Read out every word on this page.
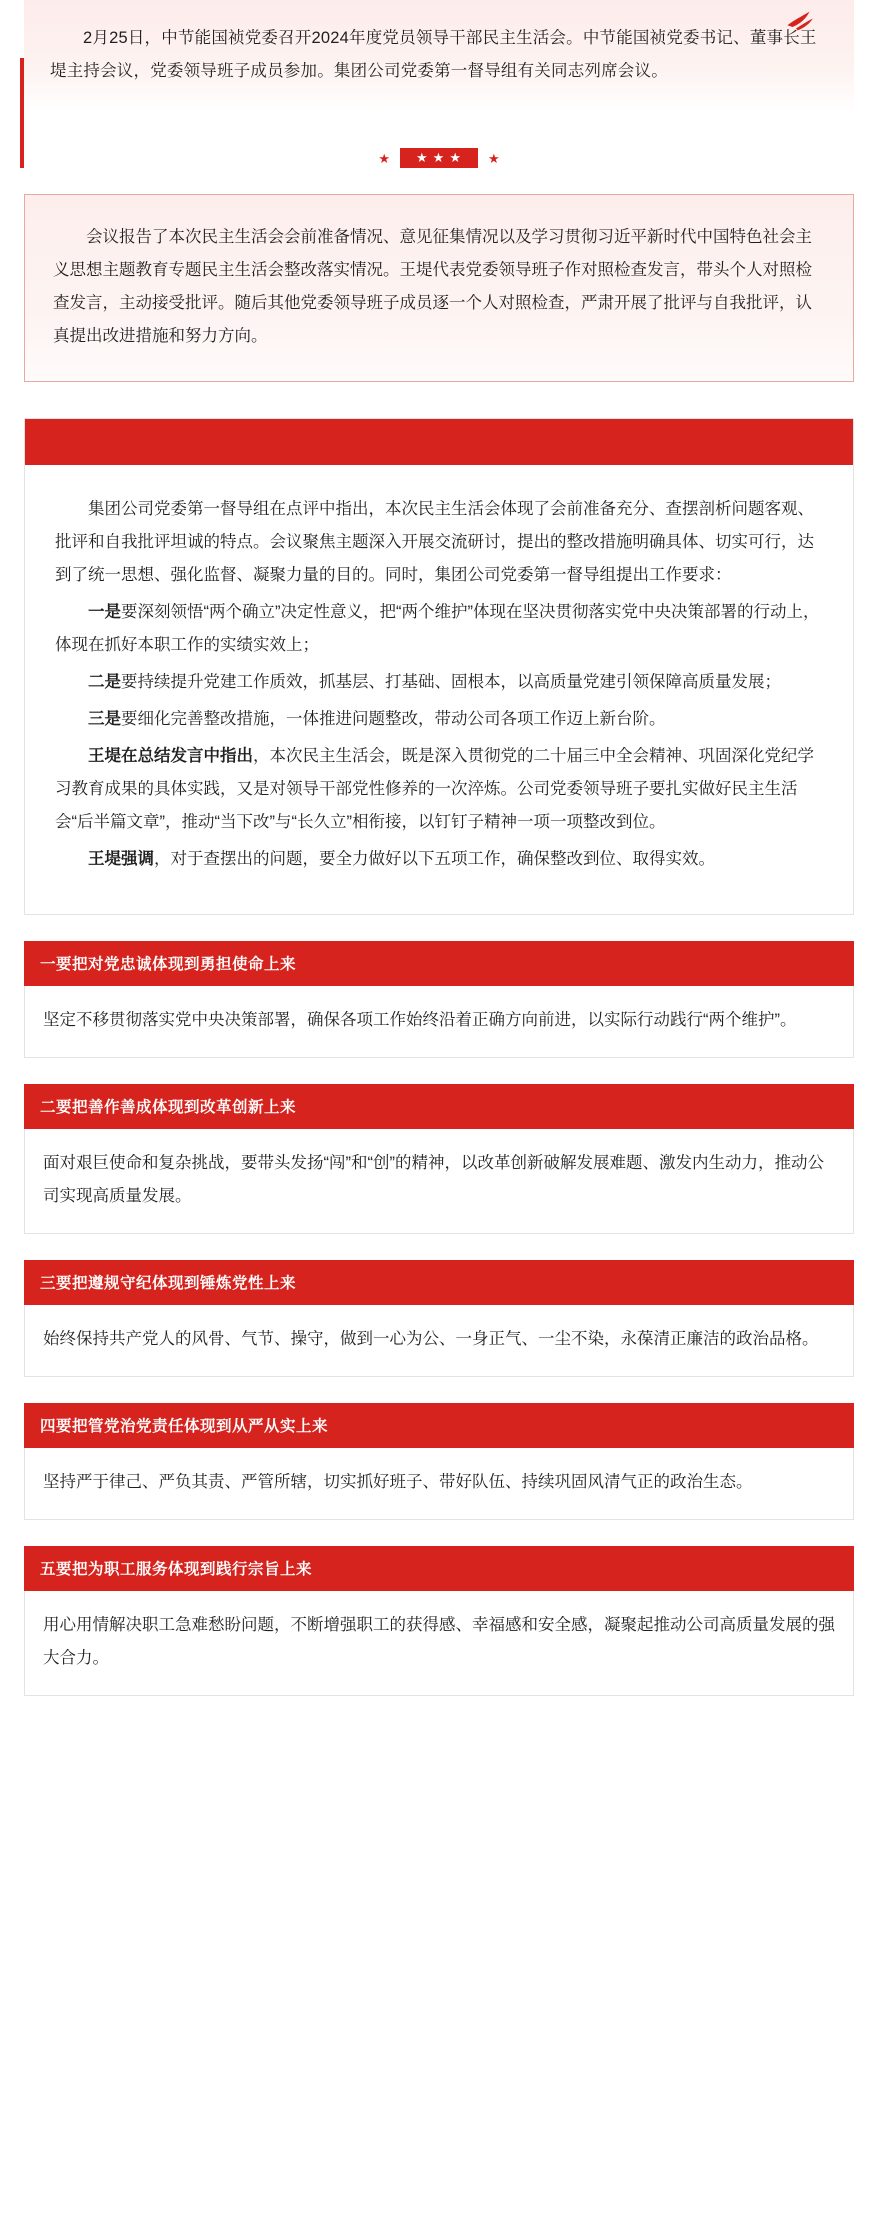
2月25日，中节能国祯党委召开2024年度党员领导干部民主生活会。中节能国祯党委书记、董事长王堤主持会议，党委领导班子成员参加。集团公司党委第一督导组有关同志列席会议。
★	★★★	★

会议报告了本次民主生活会会前准备情况、意见征集情况以及学习贯彻习近平新时代中国特色社会主义思想主题教育专题民主生活会整改落实情况。王堤代表党委领导班子作对照检查发言，带头个人对照检查发言，主动接受批评。随后其他党委领导班子成员逐一个人对照检查，严肃开展了批评与自我批评，认真提出改进措施和努力方向。

集团公司党委第一督导组在点评中指出，本次民主生活会体现了会前准备充分、查摆剖析问题客观、批评和自我批评坦诚的特点。会议聚焦主题深入开展交流研讨，提出的整改措施明确具体、切实可行，达到了统一思想、强化监督、凝聚力量的目的。同时，集团公司党委第一督导组提出工作要求：

一是要深刻领悟“两个确立”决定性意义，把“两个维护”体现在坚决贯彻落实党中央决策部署的行动上，体现在抓好本职工作的实绩实效上；

二是要持续提升党建工作质效，抓基层、打基础、固根本，以高质量党建引领保障高质量发展；

三是要细化完善整改措施，一体推进问题整改，带动公司各项工作迈上新台阶。

王堤在总结发言中指出，本次民主生活会，既是深入贯彻党的二十届三中全会精神、巩固深化党纪学习教育成果的具体实践，又是对领导干部党性修养的一次淬炼。公司党委领导班子要扎实做好民主生活会“后半篇文章”，推动“当下改”与“长久立”相衔接，以钉钉子精神一项一项整改到位。

王堤强调，对于查摆出的问题，要全力做好以下五项工作，确保整改到位、取得实效。

一要把对党忠诚体现到勇担使命上来
坚定不移贯彻落实党中央决策部署，确保各项工作始终沿着正确方向前进，以实际行动践行“两个维护”。
二要把善作善成体现到改革创新上来
面对艰巨使命和复杂挑战，要带头发扬“闯”和“创”的精神，以改革创新破解发展难题、激发内生动力，推动公司实现高质量发展。
三要把遵规守纪体现到锤炼党性上来
始终保持共产党人的风骨、气节、操守，做到一心为公、一身正气、一尘不染，永葆清正廉洁的政治品格。
四要把管党治党责任体现到从严从实上来
坚持严于律己、严负其责、严管所辖，切实抓好班子、带好队伍、持续巩固风清气正的政治生态。
五要把为职工服务体现到践行宗旨上来
用心用情解决职工急难愁盼问题，不断增强职工的获得感、幸福感和安全感，凝聚起推动公司高质量发展的强大合力。
